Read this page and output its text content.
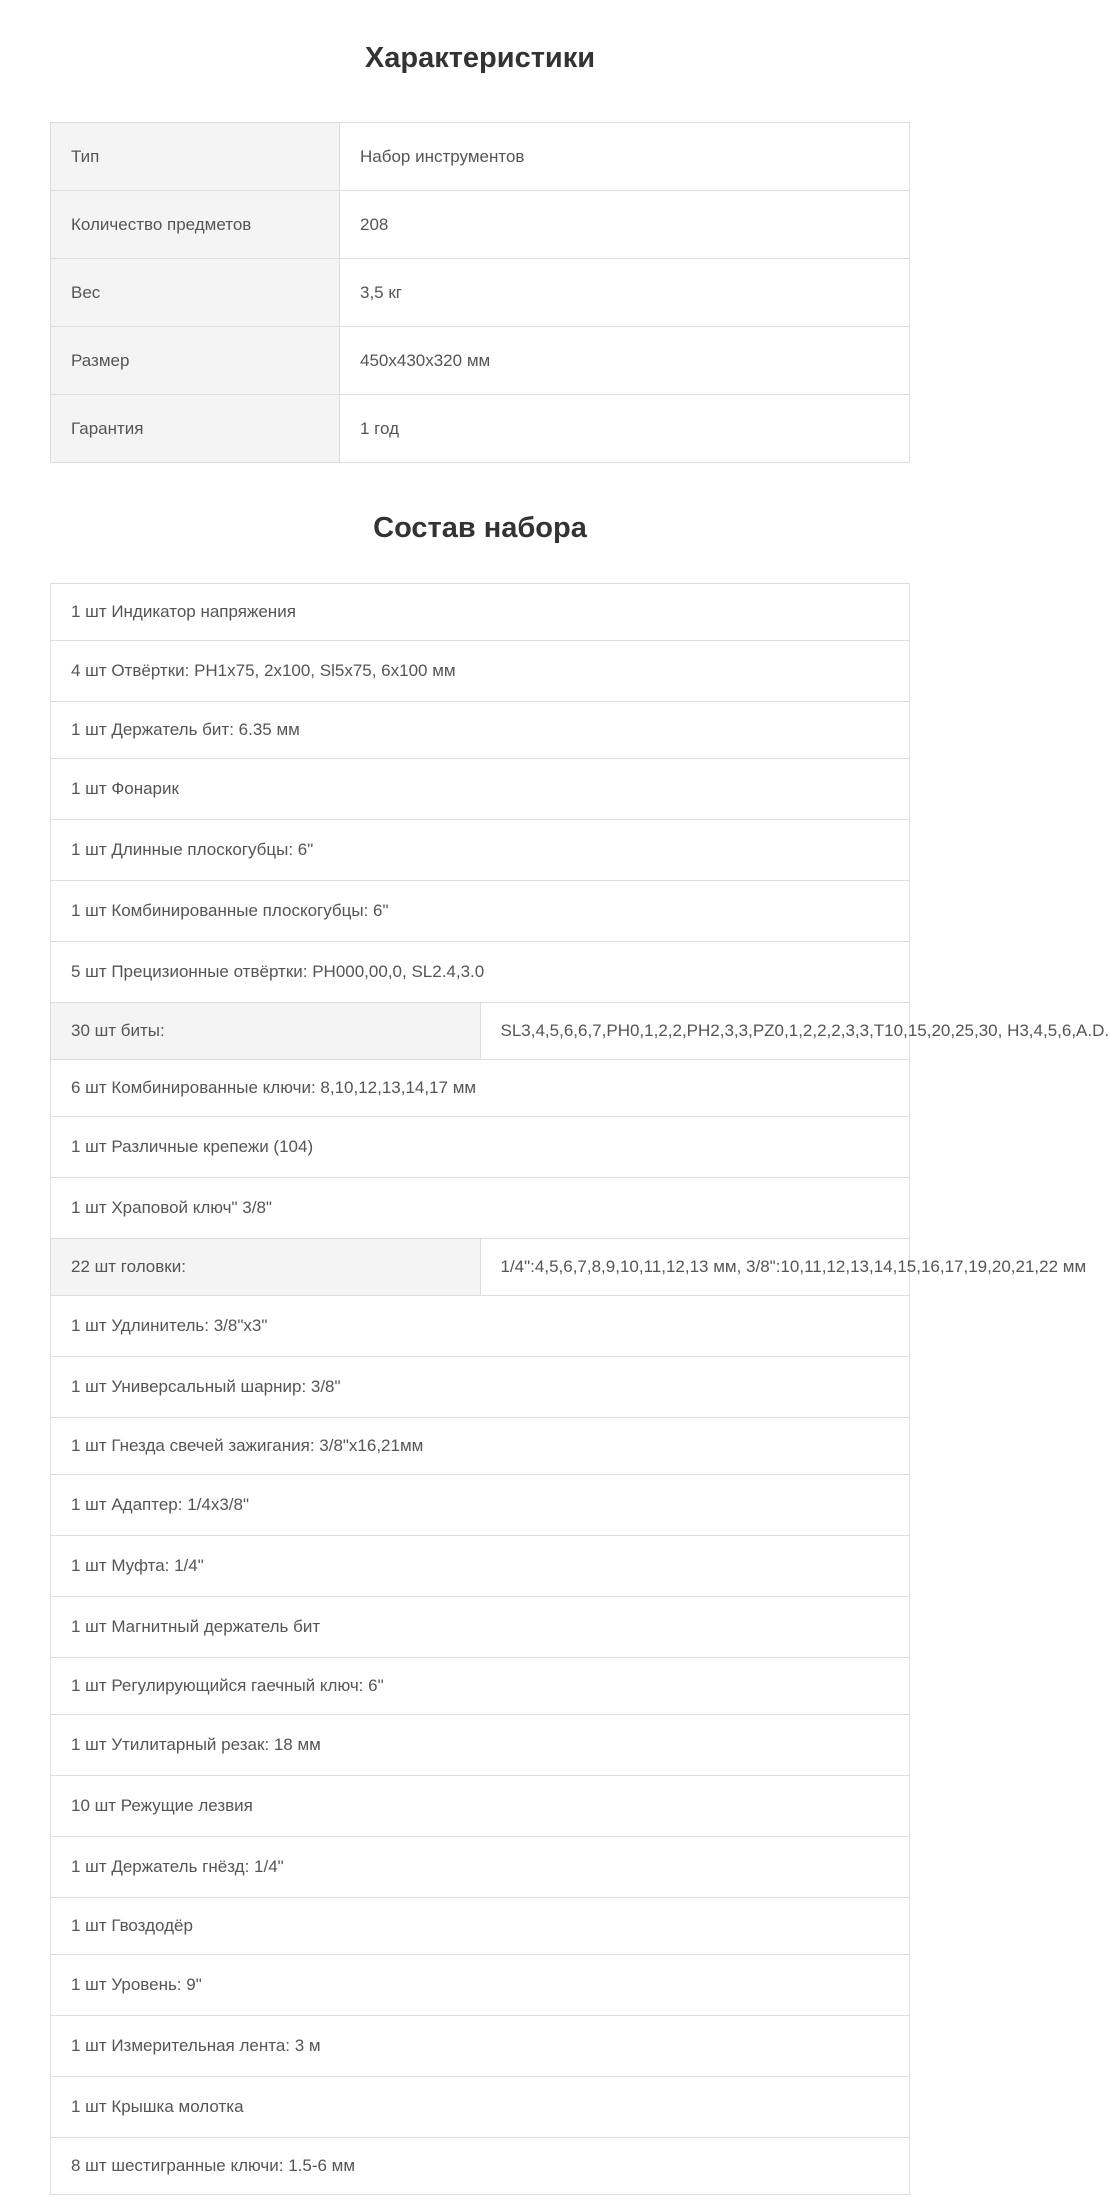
Характеристики
Тип	Набор инструментов
Количество предметов	208
Вес	3,5 кг
Размер	450x430x320 мм
Гарантия	1 год
Состав набора
1 шт Индикатор напряжения	
4 шт Отвёртки: PH1x75, 2x100, Sl5x75, 6x100 мм	
1 шт Держатель бит: 6.35 мм	
1 шт Фонарик	
1 шт Длинные плоскогубцы: 6"	
1 шт Комбинированные плоскогубцы: 6"	
5 шт Прецизионные отвёртки: PH000,00,0, SL2.4,3.0	
30 шт биты:	SL3,4,5,6,6,7,PH0,1,2,2,PH2,3,3,PZ0,1,2,2,2,3,3,T10,15,20,25,30, H3,4,5,6,A.D.
6 шт Комбинированные ключи: 8,10,12,13,14,17 мм	
1 шт Различные крепежи (104)	
1 шт Храповой ключ" 3/8"	
22 шт головки:	1/4":4,5,6,7,8,9,10,11,12,13 мм, 3/8":10,11,12,13,14,15,16,17,19,20,21,22 мм
1 шт Удлинитель: 3/8"x3"	
1 шт Универсальный шарнир: 3/8"	
1 шт Гнезда свечей зажигания: 3/8"x16,21мм	
1 шт Адаптер: 1/4x3/8"	
1 шт Муфта: 1/4"	
1 шт Магнитный держатель бит	
1 шт Регулирующийся гаечный ключ: 6"	
1 шт Утилитарный резак: 18 мм	
10 шт Режущие лезвия	
1 шт Держатель гнёзд: 1/4"	
1 шт Гвоздодёр	
1 шт Уровень: 9"	
1 шт Измерительная лента: 3 м	
1 шт Крышка молотка	
8 шт шестигранные ключи: 1.5-6 мм	
